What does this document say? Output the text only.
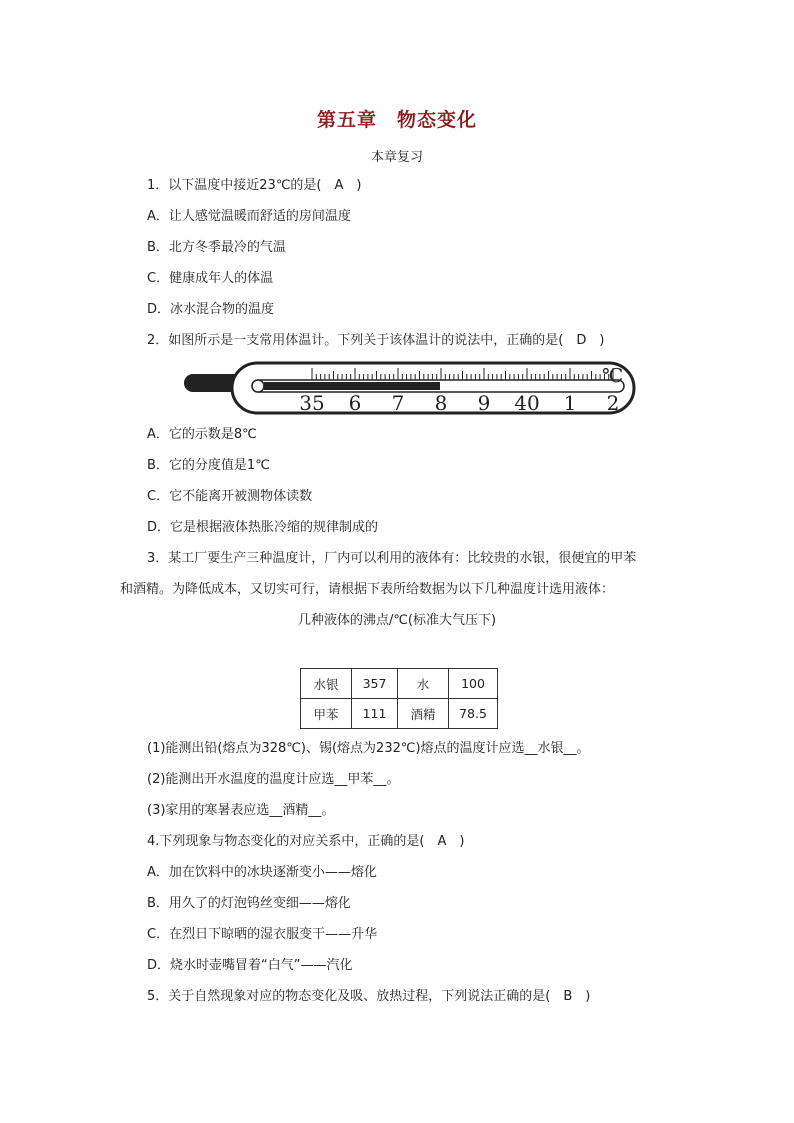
第五章　物态变化
本章复习
1．以下温度中接近23℃的是(　A　)
A．让人感觉温暖而舒适的房间温度
B．北方冬季最冷的气温
C．健康成年人的体温
D．冰水混合物的温度
2．如图所示是一支常用体温计。下列关于该体温计的说法中，正确的是(　D　)
℃
35 6 7 8 9 40 1 2
A．它的示数是8℃
B．它的分度值是1℃
C．它不能离开被测物体读数
D．它是根据液体热胀冷缩的规律制成的
3．某工厂要生产三种温度计，厂内可以利用的液体有：比较贵的水银，很便宜的甲苯
和酒精。为降低成本，又切实可行，请根据下表所给数据为以下几种温度计选用液体：
几种液体的沸点/℃(标准大气压下)
水银	357	水	100
甲苯	111	酒精	78.5
(1)能测出铅(熔点为328℃)、锡(熔点为232℃)熔点的温度计应选__水银__。
(2)能测出开水温度的温度计应选__甲苯__。
(3)家用的寒暑表应选__酒精__。
4.下列现象与物态变化的对应关系中，正确的是(　A　)
A．加在饮料中的冰块逐渐变小——熔化
B．用久了的灯泡钨丝变细——熔化
C．在烈日下晾晒的湿衣服变干——升华
D．烧水时壶嘴冒着“白气”——汽化
5．关于自然现象对应的物态变化及吸、放热过程，下列说法正确的是(　B　)
